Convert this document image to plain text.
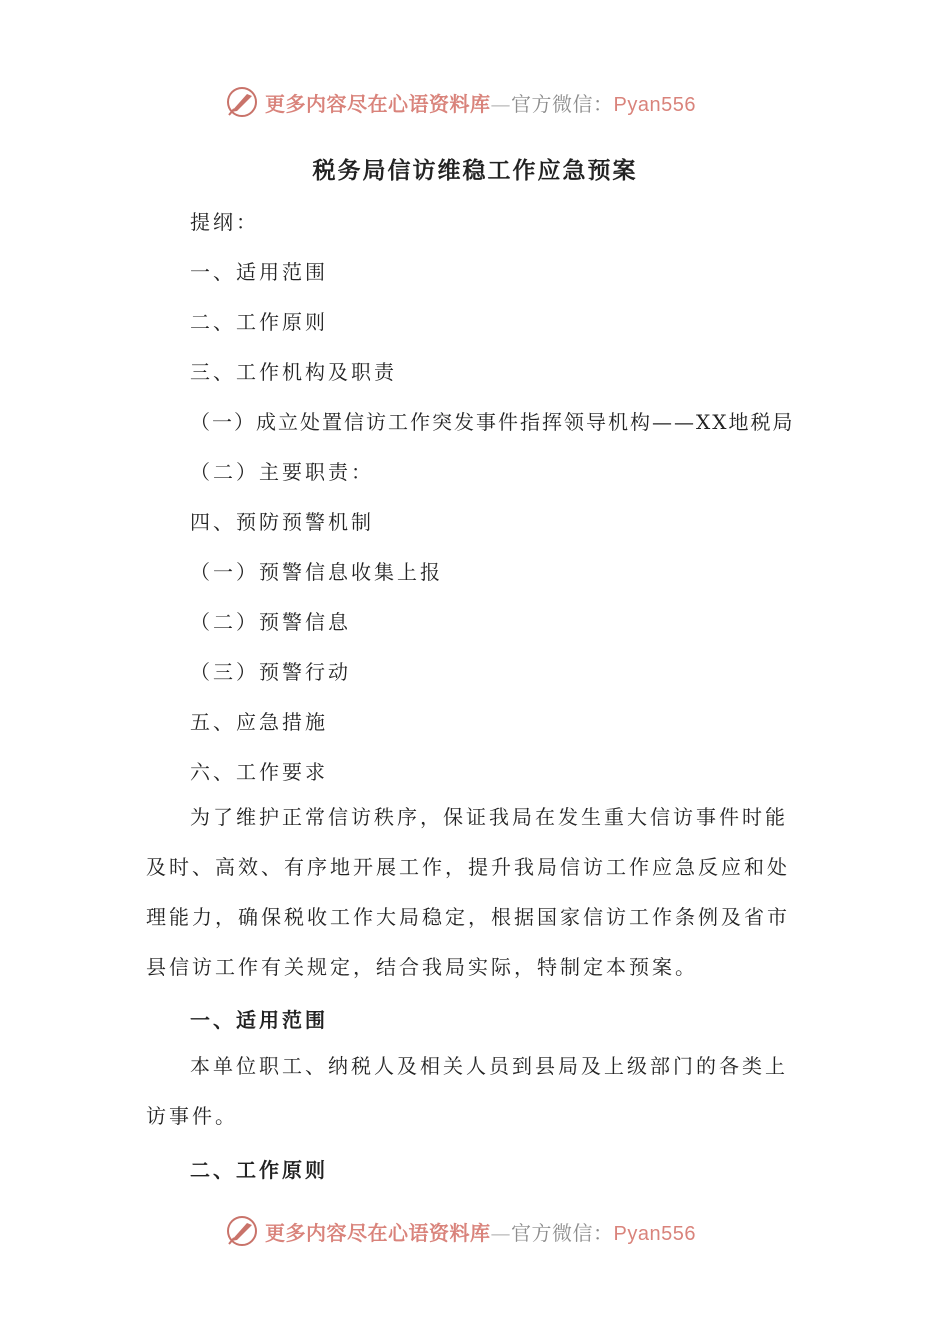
更多内容尽在心语资料库—官方微信：Pyan556
税务局信访维稳工作应急预案
提纲：
一、适用范围
二、工作原则
三、工作机构及职责
（一）成立处置信访工作突发事件指挥领导机构——XX地税局
（二）主要职责：
四、预防预警机制
（一）预警信息收集上报
（二）预警信息
（三）预警行动
五、应急措施
六、工作要求
为了维护正常信访秩序，保证我局在发生重大信访事件时能及时、高效、有序地开展工作，提升我局信访工作应急反应和处理能力，确保税收工作大局稳定，根据国家信访工作条例及省市县信访工作有关规定，结合我局实际，特制定本预案。
一、适用范围
本单位职工、纳税人及相关人员到县局及上级部门的各类上访事件。
二、工作原则
更多内容尽在心语资料库—官方微信：Pyan556
